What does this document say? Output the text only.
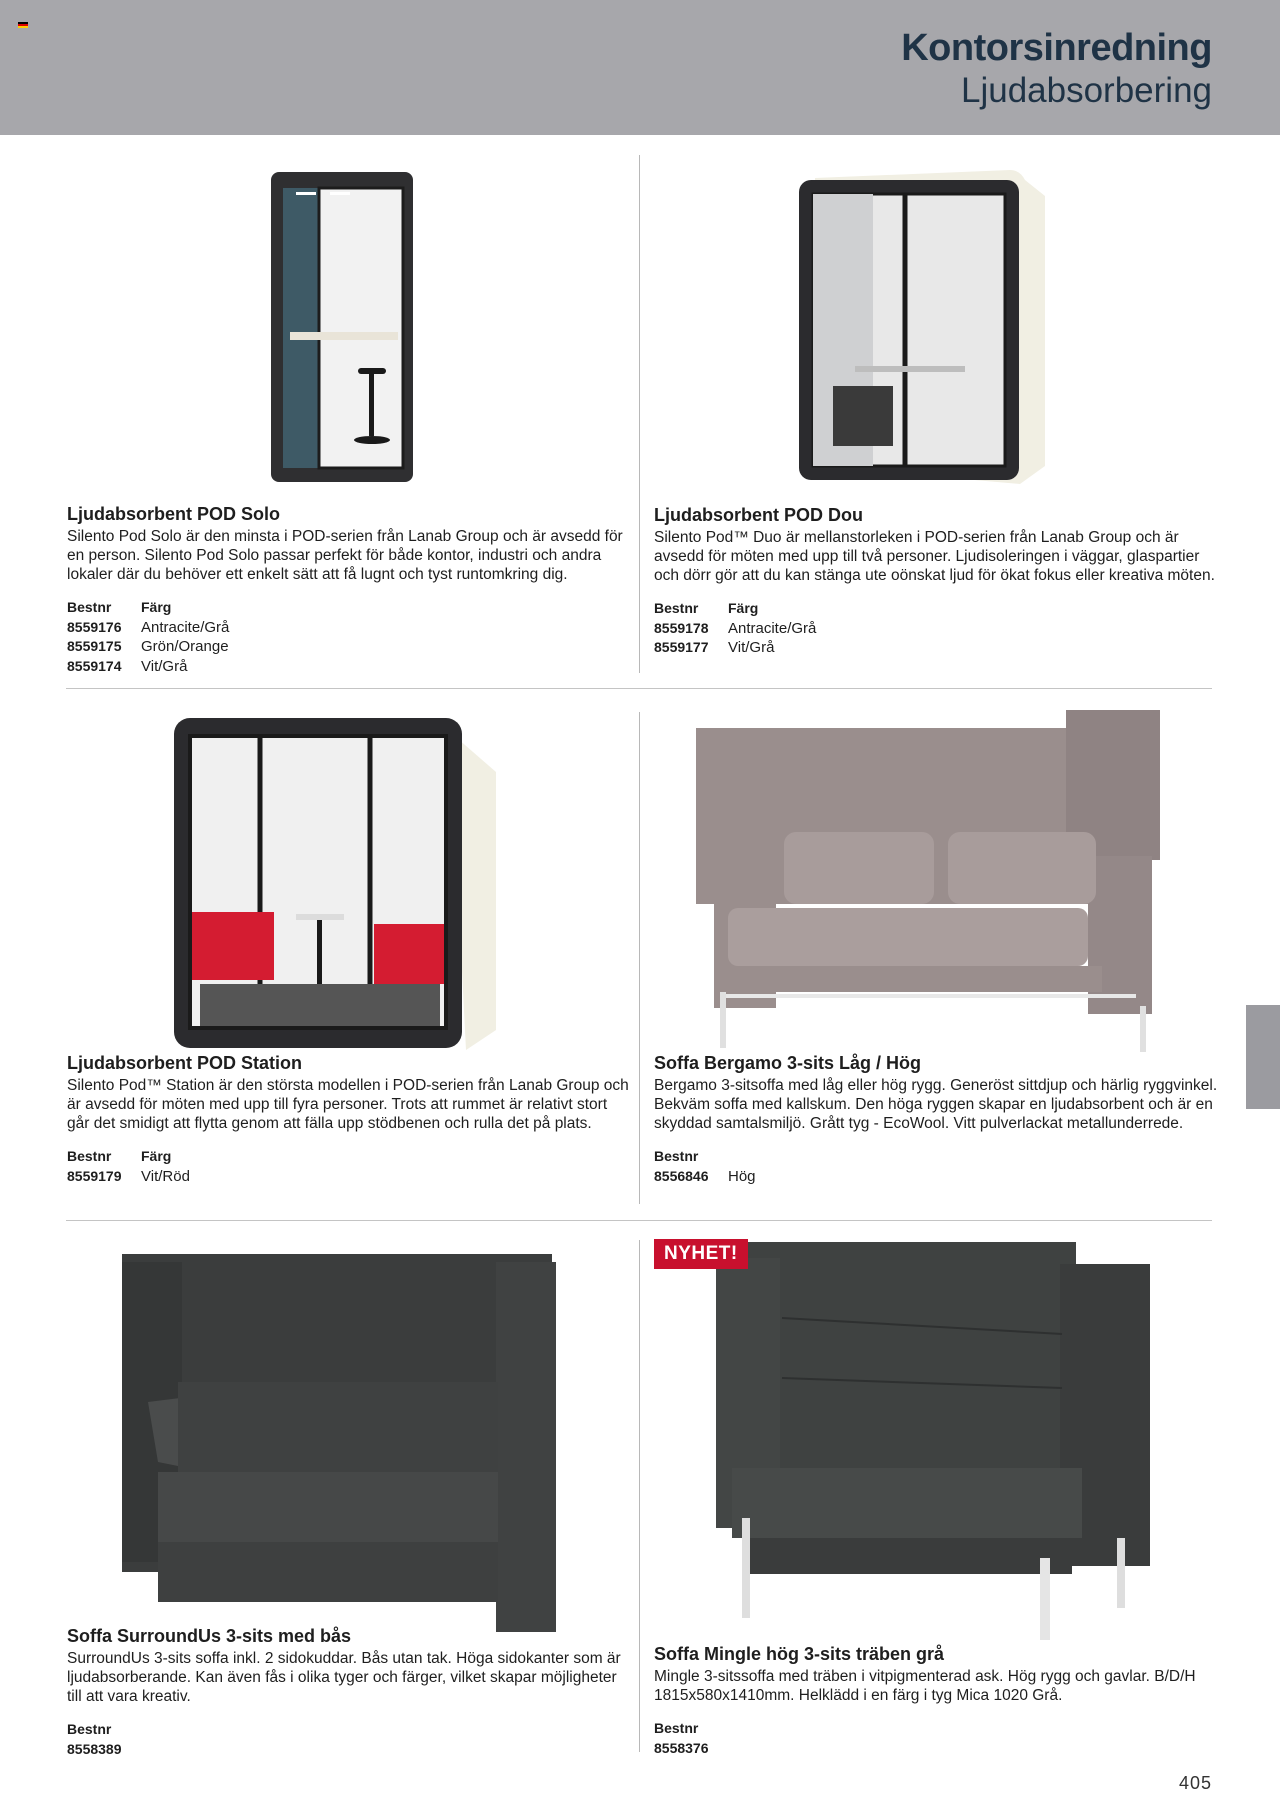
Kontorsinredning
Ljudabsorbering
NYHET!
Ljudabsorbent POD Solo

Silento Pod Solo är den minsta i POD-serien från Lanab Group och är avsedd för en person. Silento Pod Solo passar perfekt för både kontor, industri och andra lokaler där du behöver ett enkelt sätt att få lugnt och tyst runtomkring dig.

Bestnr	Färg
8559176	Antracite/Grå
8559175	Grön/Orange
8559174	Vit/Grå
Ljudabsorbent POD Dou

Silento Pod™ Duo är mellanstorleken i POD-serien från Lanab Group och är avsedd för möten med upp till två personer. Ljudisoleringen i väggar, glaspartier och dörr gör att du kan stänga ute oönskat ljud för ökat fokus eller kreativa möten.

Bestnr	Färg
8559178	Antracite/Grå
8559177	Vit/Grå
Ljudabsorbent POD Station

Silento Pod™ Station är den största modellen i POD-serien från Lanab Group och är avsedd för möten med upp till fyra personer. Trots att rummet är relativt stort går det smidigt att flytta genom att fälla upp stödbenen och rulla det på plats.

Bestnr	Färg
8559179	Vit/Röd
Soffa Bergamo 3-sits Låg / Hög

Bergamo 3-sitsoffa med låg eller hög rygg. Generöst sittdjup och härlig ryggvinkel. Bekväm soffa med kallskum. Den höga ryggen skapar en ljudabsorbent och är en skyddad samtalsmiljö. Grått tyg - EcoWool. Vitt pulverlackat metallunderrede.

Bestnr
8556846	Hög
Soffa SurroundUs 3-sits med bås

SurroundUs 3-sits soffa inkl. 2 sidokuddar. Bås utan tak. Höga sidokanter som är ljudabsorberande. Kan även fås i olika tyger och färger, vilket skapar möjligheter till att vara kreativ.

Bestnr
8558389
Soffa Mingle hög 3-sits träben grå

Mingle 3-sitssoffa med träben i vitpigmenterad ask. Hög rygg och gavlar. B/D/H 1815x580x1410mm. Helklädd i en färg i tyg Mica 1020 Grå.

Bestnr
8558376
405
